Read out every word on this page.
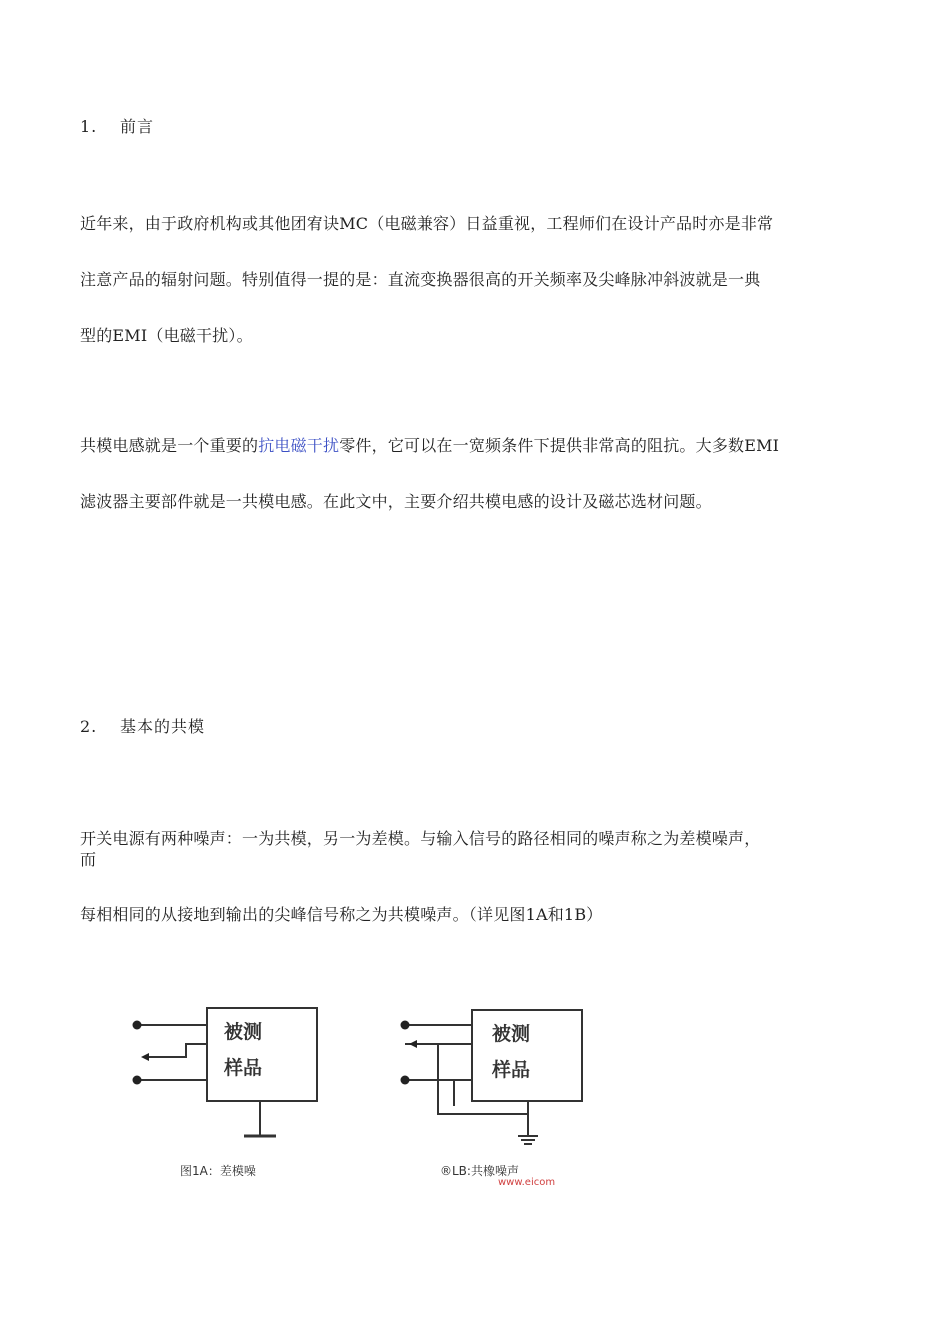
1. 前言
近年来，由于政府机构或其他团宥诀MC（电磁兼容）日益重视，工程师们在设计产品时亦是非常
注意产品的辐射问题。特别值得一提的是：直流变换器很高的开关频率及尖峰脉冲斜波就是一典
型的EMI（电磁干扰）。
共模电感就是一个重要的抗电磁干扰零件，它可以在一宽频条件下提供非常高的阻抗。大多数EMI
滤波器主要部件就是一共模电感。在此文中，主要介绍共模电感的设计及磁芯选材问题。
2. 基本的共模
开关电源有两种噪声：一为共模，另一为差模。与输入信号的路径相同的噪声称之为差模噪声，
而
每相相同的从接地到输出的尖峰信号称之为共模噪声。（详见图1A和1B）
被测
样品
被测
样品
图1A：差模噪	®LB:共橡噪声
www.eicom
